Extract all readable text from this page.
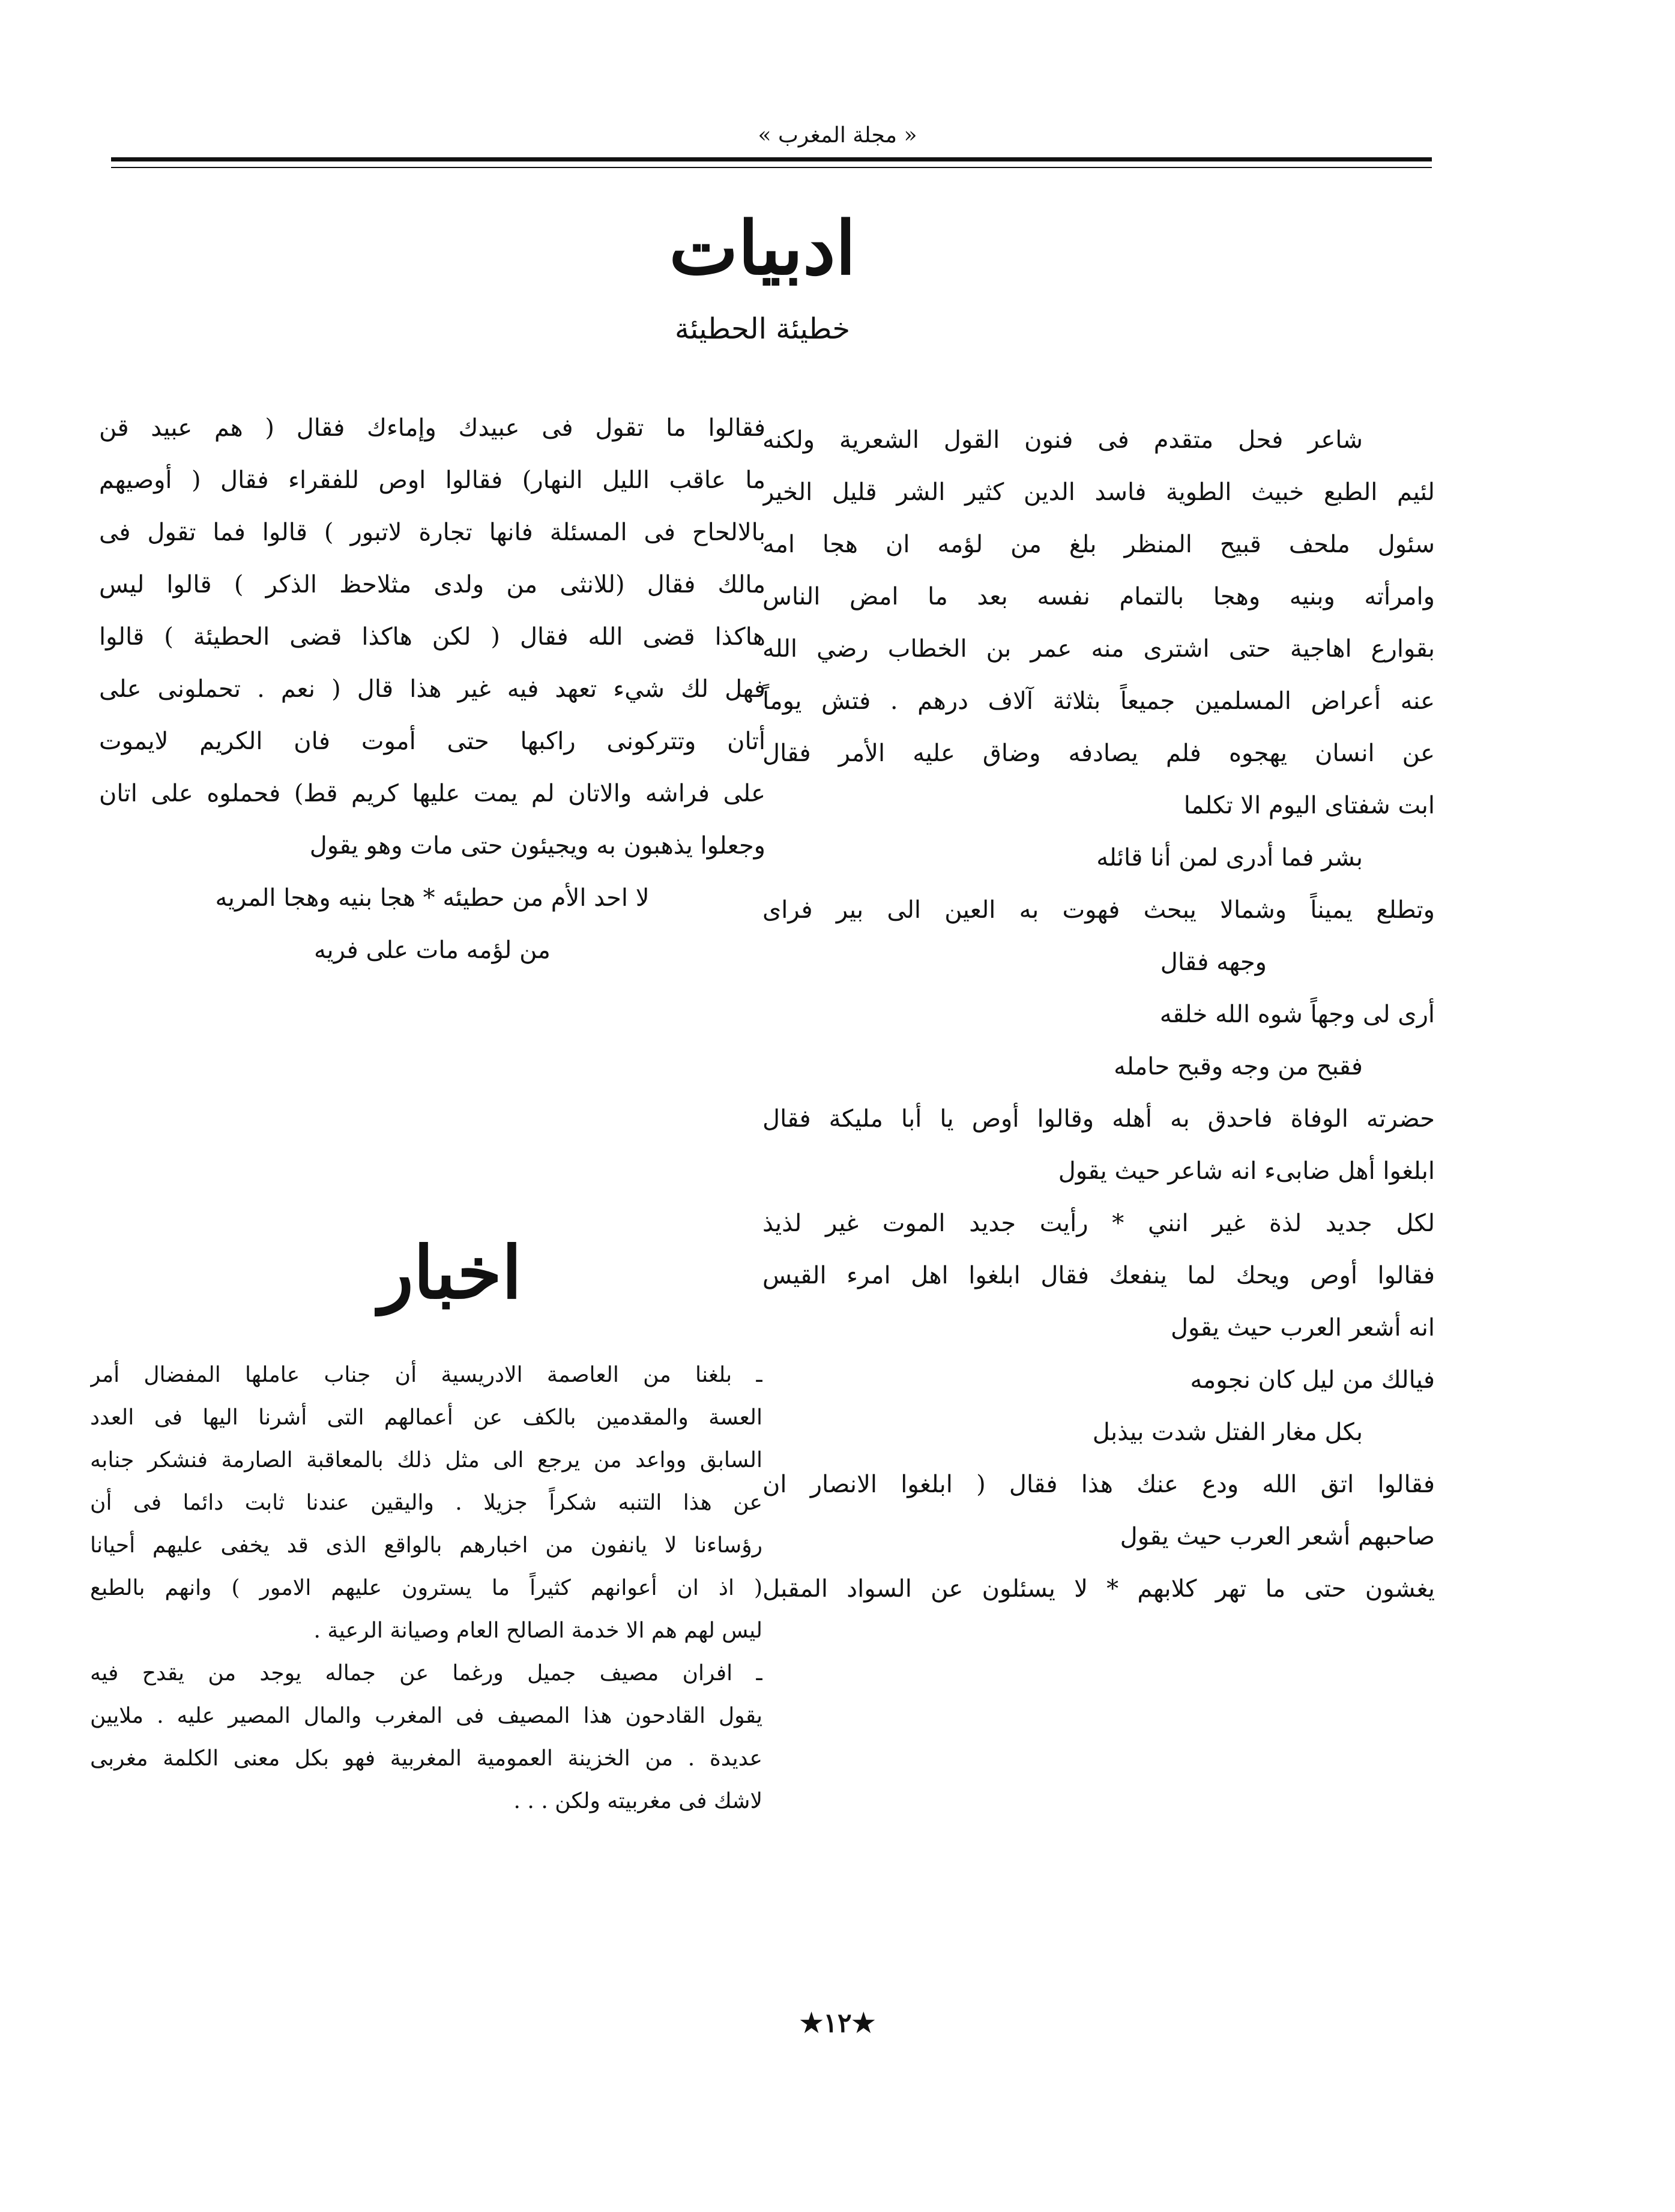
« مجلة المغرب »
ادبيات
خطيئة الحطيئة
شاعر فحل متقدم فى فنون القول الشعرية ولكنه
لئيم الطبع خبيث الطوية فاسد الدين كثير الشر قليل الخير
سئول ملحف قبيح المنظر بلغ من لؤمه ان هجا امه
وامرأته وبنيه وهجا بالتمام نفسه بعد ما امض الناس
بقوارع اهاجية حتى اشترى منه عمر بن الخطاب رضي الله
عنه أعراض المسلمين جميعاً بثلاثة آلاف درهم . فتش يوماً
عن انسان يهجوه فلم يصادفه وضاق عليه الأمر فقال
ابت شفتاى اليوم الا تكلما
بشر فما أدرى لمن أنا قائله
وتطلع يميناً وشمالا يبحث فهوت به العين الى بير فراى
وجهه فقال
أرى لى وجهاً شوه الله خلقه
فقبح من وجه وقبح حامله
حضرته الوفاة فاحدق به أهله وقالوا أوص يا أبا مليكة فقال
ابلغوا أهل ضابىء انه شاعر حيث يقول
لكل جديد لذة غير انني * رأيت جديد الموت غير لذيذ
فقالوا أوص ويحك لما ينفعك فقال ابلغوا اهل امرء القيس
انه أشعر العرب حيث يقول
فيالك من ليل كان نجومه
بكل مغار الفتل شدت بيذبل
فقالوا اتق الله ودع عنك هذا فقال ( ابلغوا الانصار ان
صاحبهم أشعر العرب حيث يقول
يغشون حتى ما تهر كلابهم * لا يسئلون عن السواد المقبل
فقالوا ما تقول فى عبيدك وإماءك فقال ( هم عبيد قن
ما عاقب الليل النهار) فقالوا اوص للفقراء فقال ( أوصيهم
بالالحاح فى المسئلة فانها تجارة لاتبور ) قالوا فما تقول فى
مالك فقال (للانثى من ولدى مثلاحظ الذكر ) قالوا ليس
هاكذا قضى الله فقال ( لكن هاكذا قضى الحطيئة ) قالوا
فهل لك شيء تعهد فيه غير هذا قال ( نعم . تحملونى على
أتان وتتركونى راكبها حتى أموت فان الكريم لايموت
على فراشه والاتان لم يمت عليها كريم قط) فحملوه على اتان
وجعلوا يذهبون به ويجيئون حتى مات وهو يقول
لا احد الأم من حطيئه * هجا بنيه وهجا المريه
من لؤمه مات على فريه
اخبار
ـ بلغنا من العاصمة الادريسية أن جناب عاملها المفضال أمر
العسة والمقدمين بالكف عن أعمالهم التى أشرنا اليها فى العدد
السابق وواعد من يرجع الى مثل ذلك بالمعاقبة الصارمة فنشكر جنابه
عن هذا التنبه شكراً جزيلا . واليقين عندنا ثابت دائما فى أن
رؤساءنا لا يانفون من اخبارهم بالواقع الذى قد يخفى عليهم أحيانا
( اذ ان أعوانهم كثيراً ما يسترون عليهم الامور ) وانهم بالطبع
ليس لهم هم الا خدمة الصالح العام وصيانة الرعية .
ـ افران مصيف جميل ورغما عن جماله يوجد من يقدح فيه
يقول القادحون هذا المصيف فى المغرب والمال المصير عليه . ملايين
عديدة . من الخزينة العمومية المغربية فهو بكل معنى الكلمة مغربى
لاشك فى مغربيته ولكن . . .
★١٢★
